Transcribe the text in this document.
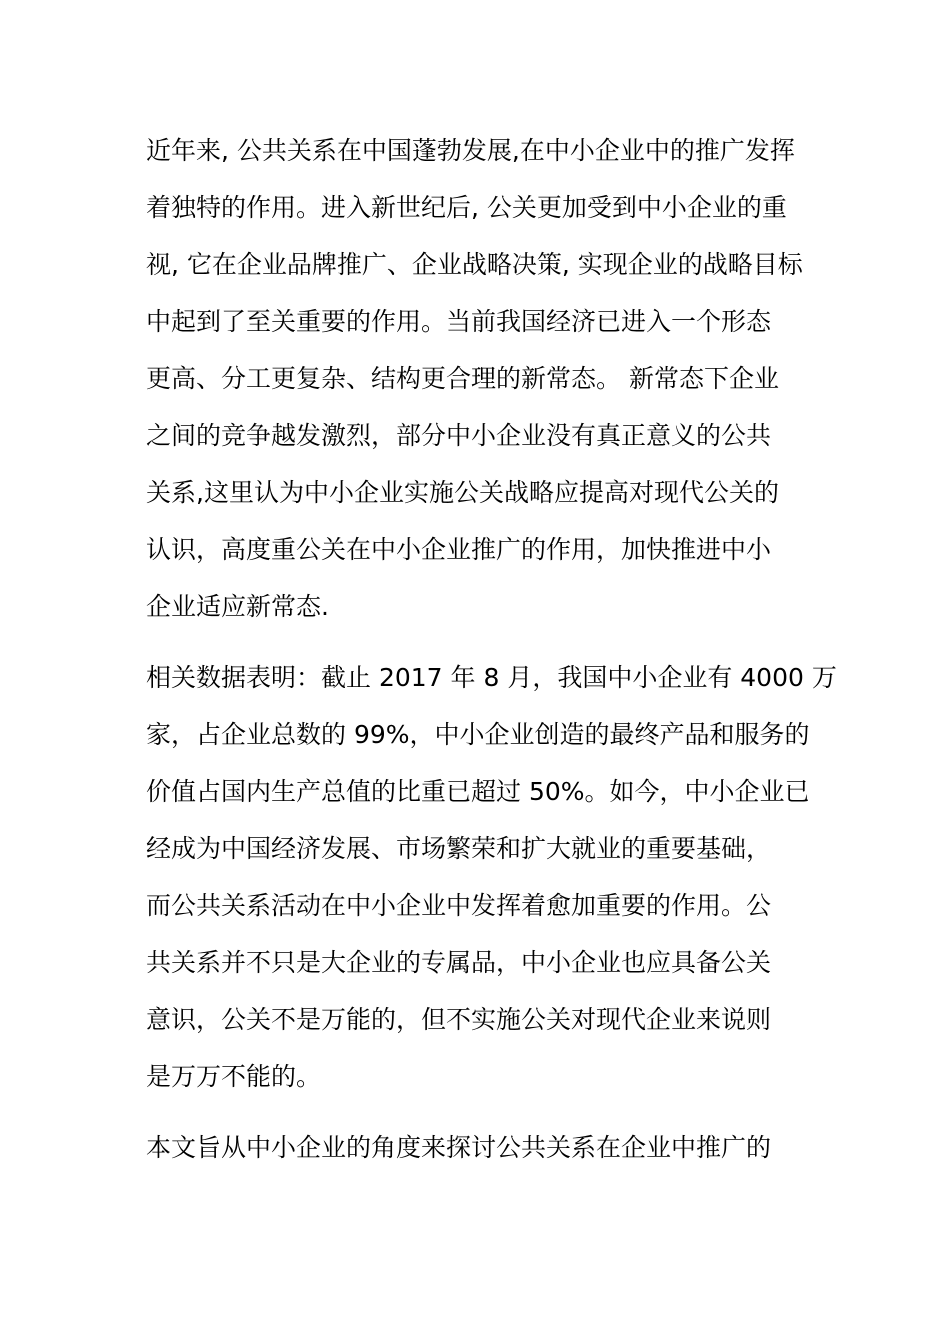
近年来, 公共关系在中国蓬勃发展,在中小企业中的推广发挥
着独特的作用。进入新世纪后, 公关更加受到中小企业的重
视, 它在企业品牌推广、企业战略决策, 实现企业的战略目标
中起到了至关重要的作用。当前我国经济已进入一个形态
更高、分工更复杂、结构更合理的新常态。 新常态下企业
之间的竞争越发激烈，部分中小企业没有真正意义的公共
关系,这里认为中小企业实施公关战略应提高对现代公关的
认识，高度重公关在中小企业推广的作用，加快推进中小
企业适应新常态.
相关数据表明：截止 2017 年 8 月，我国中小企业有 4000 万
家，占企业总数的 99%，中小企业创造的最终产品和服务的
价值占国内生产总值的比重已超过 50%。如今，中小企业已
经成为中国经济发展、市场繁荣和扩大就业的重要基础，
而公共关系活动在中小企业中发挥着愈加重要的作用。公
共关系并不只是大企业的专属品，中小企业也应具备公关
意识，公关不是万能的，但不实施公关对现代企业来说则
是万万不能的。
本文旨从中小企业的角度来探讨公共关系在企业中推广的
